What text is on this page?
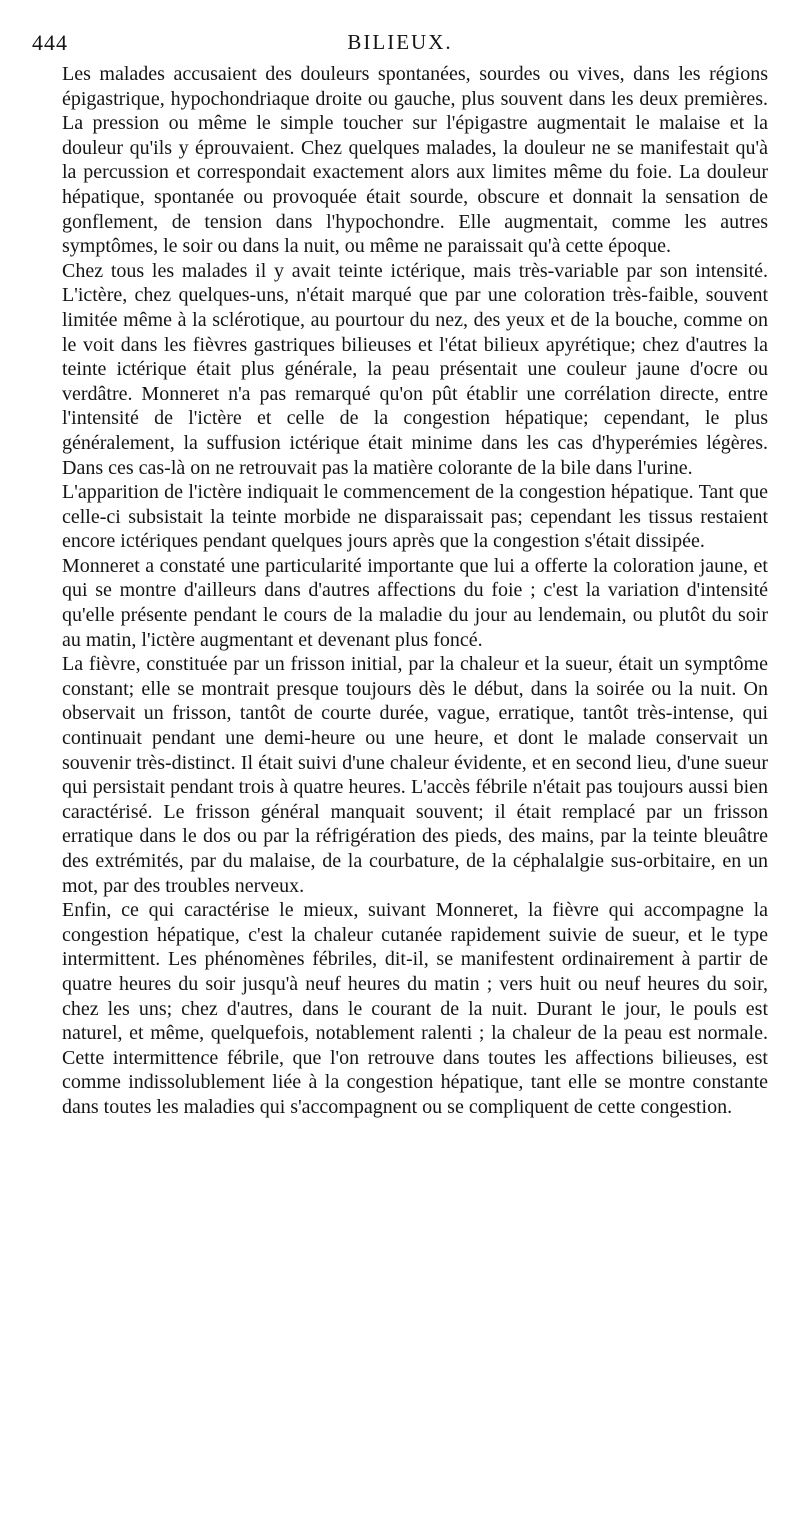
444	BILIEUX.

Les malades accusaient des douleurs spontanées, sourdes ou vives, dans les régions épigastrique, hypochondriaque droite ou gauche, plus souvent dans les deux premières. La pression ou même le simple toucher sur l'épigastre augmentait le malaise et la douleur qu'ils y éprouvaient. Chez quelques malades, la douleur ne se manifestait qu'à la percussion et correspondait exactement alors aux limites même du foie. La douleur hépatique, spontanée ou provoquée était sourde, obscure et donnait la sensation de gonflement, de tension dans l'hypochondre. Elle augmentait, comme les autres symptômes, le soir ou dans la nuit, ou même ne paraissait qu'à cette époque.

Chez tous les malades il y avait teinte ictérique, mais très-variable par son intensité. L'ictère, chez quelques-uns, n'était marqué que par une coloration très-faible, souvent limitée même à la sclérotique, au pourtour du nez, des yeux et de la bouche, comme on le voit dans les fièvres gastriques bilieuses et l'état bilieux apyrétique; chez d'autres la teinte ictérique était plus générale, la peau présentait une couleur jaune d'ocre ou verdâtre. Monneret n'a pas remarqué qu'on pût établir une corrélation directe, entre l'intensité de l'ictère et celle de la congestion hépatique; cependant, le plus généralement, la suffusion ictérique était minime dans les cas d'hyperémies légères. Dans ces cas-là on ne retrouvait pas la matière colorante de la bile dans l'urine.

L'apparition de l'ictère indiquait le commencement de la congestion hépatique. Tant que celle-ci subsistait la teinte morbide ne disparaissait pas; cependant les tissus restaient encore ictériques pendant quelques jours après que la congestion s'était dissipée.

Monneret a constaté une particularité importante que lui a offerte la coloration jaune, et qui se montre d'ailleurs dans d'autres affections du foie ; c'est la variation d'intensité qu'elle présente pendant le cours de la maladie du jour au lendemain, ou plutôt du soir au matin, l'ictère augmentant et devenant plus foncé.

La fièvre, constituée par un frisson initial, par la chaleur et la sueur, était un symptôme constant; elle se montrait presque toujours dès le début, dans la soirée ou la nuit. On observait un frisson, tantôt de courte durée, vague, erratique, tantôt très-intense, qui continuait pendant une demi-heure ou une heure, et dont le malade conservait un souvenir très-distinct. Il était suivi d'une chaleur évidente, et en second lieu, d'une sueur qui persistait pendant trois à quatre heures. L'accès fébrile n'était pas toujours aussi bien caractérisé. Le frisson général manquait souvent; il était remplacé par un frisson erratique dans le dos ou par la réfrigération des pieds, des mains, par la teinte bleuâtre des extrémités, par du malaise, de la courbature, de la céphalalgie sus-orbitaire, en un mot, par des troubles nerveux.

Enfin, ce qui caractérise le mieux, suivant Monneret, la fièvre qui accompagne la congestion hépatique, c'est la chaleur cutanée rapidement suivie de sueur, et le type intermittent. Les phénomènes fébriles, dit-il, se manifestent ordinairement à partir de quatre heures du soir jusqu'à neuf heures du matin ; vers huit ou neuf heures du soir, chez les uns; chez d'autres, dans le courant de la nuit. Durant le jour, le pouls est naturel, et même, quelquefois, notablement ralenti ; la chaleur de la peau est normale. Cette intermittence fébrile, que l'on retrouve dans toutes les affections bilieuses, est comme indissolublement liée à la congestion hépatique, tant elle se montre constante dans toutes les maladies qui s'accompagnent ou se compliquent de cette congestion.
